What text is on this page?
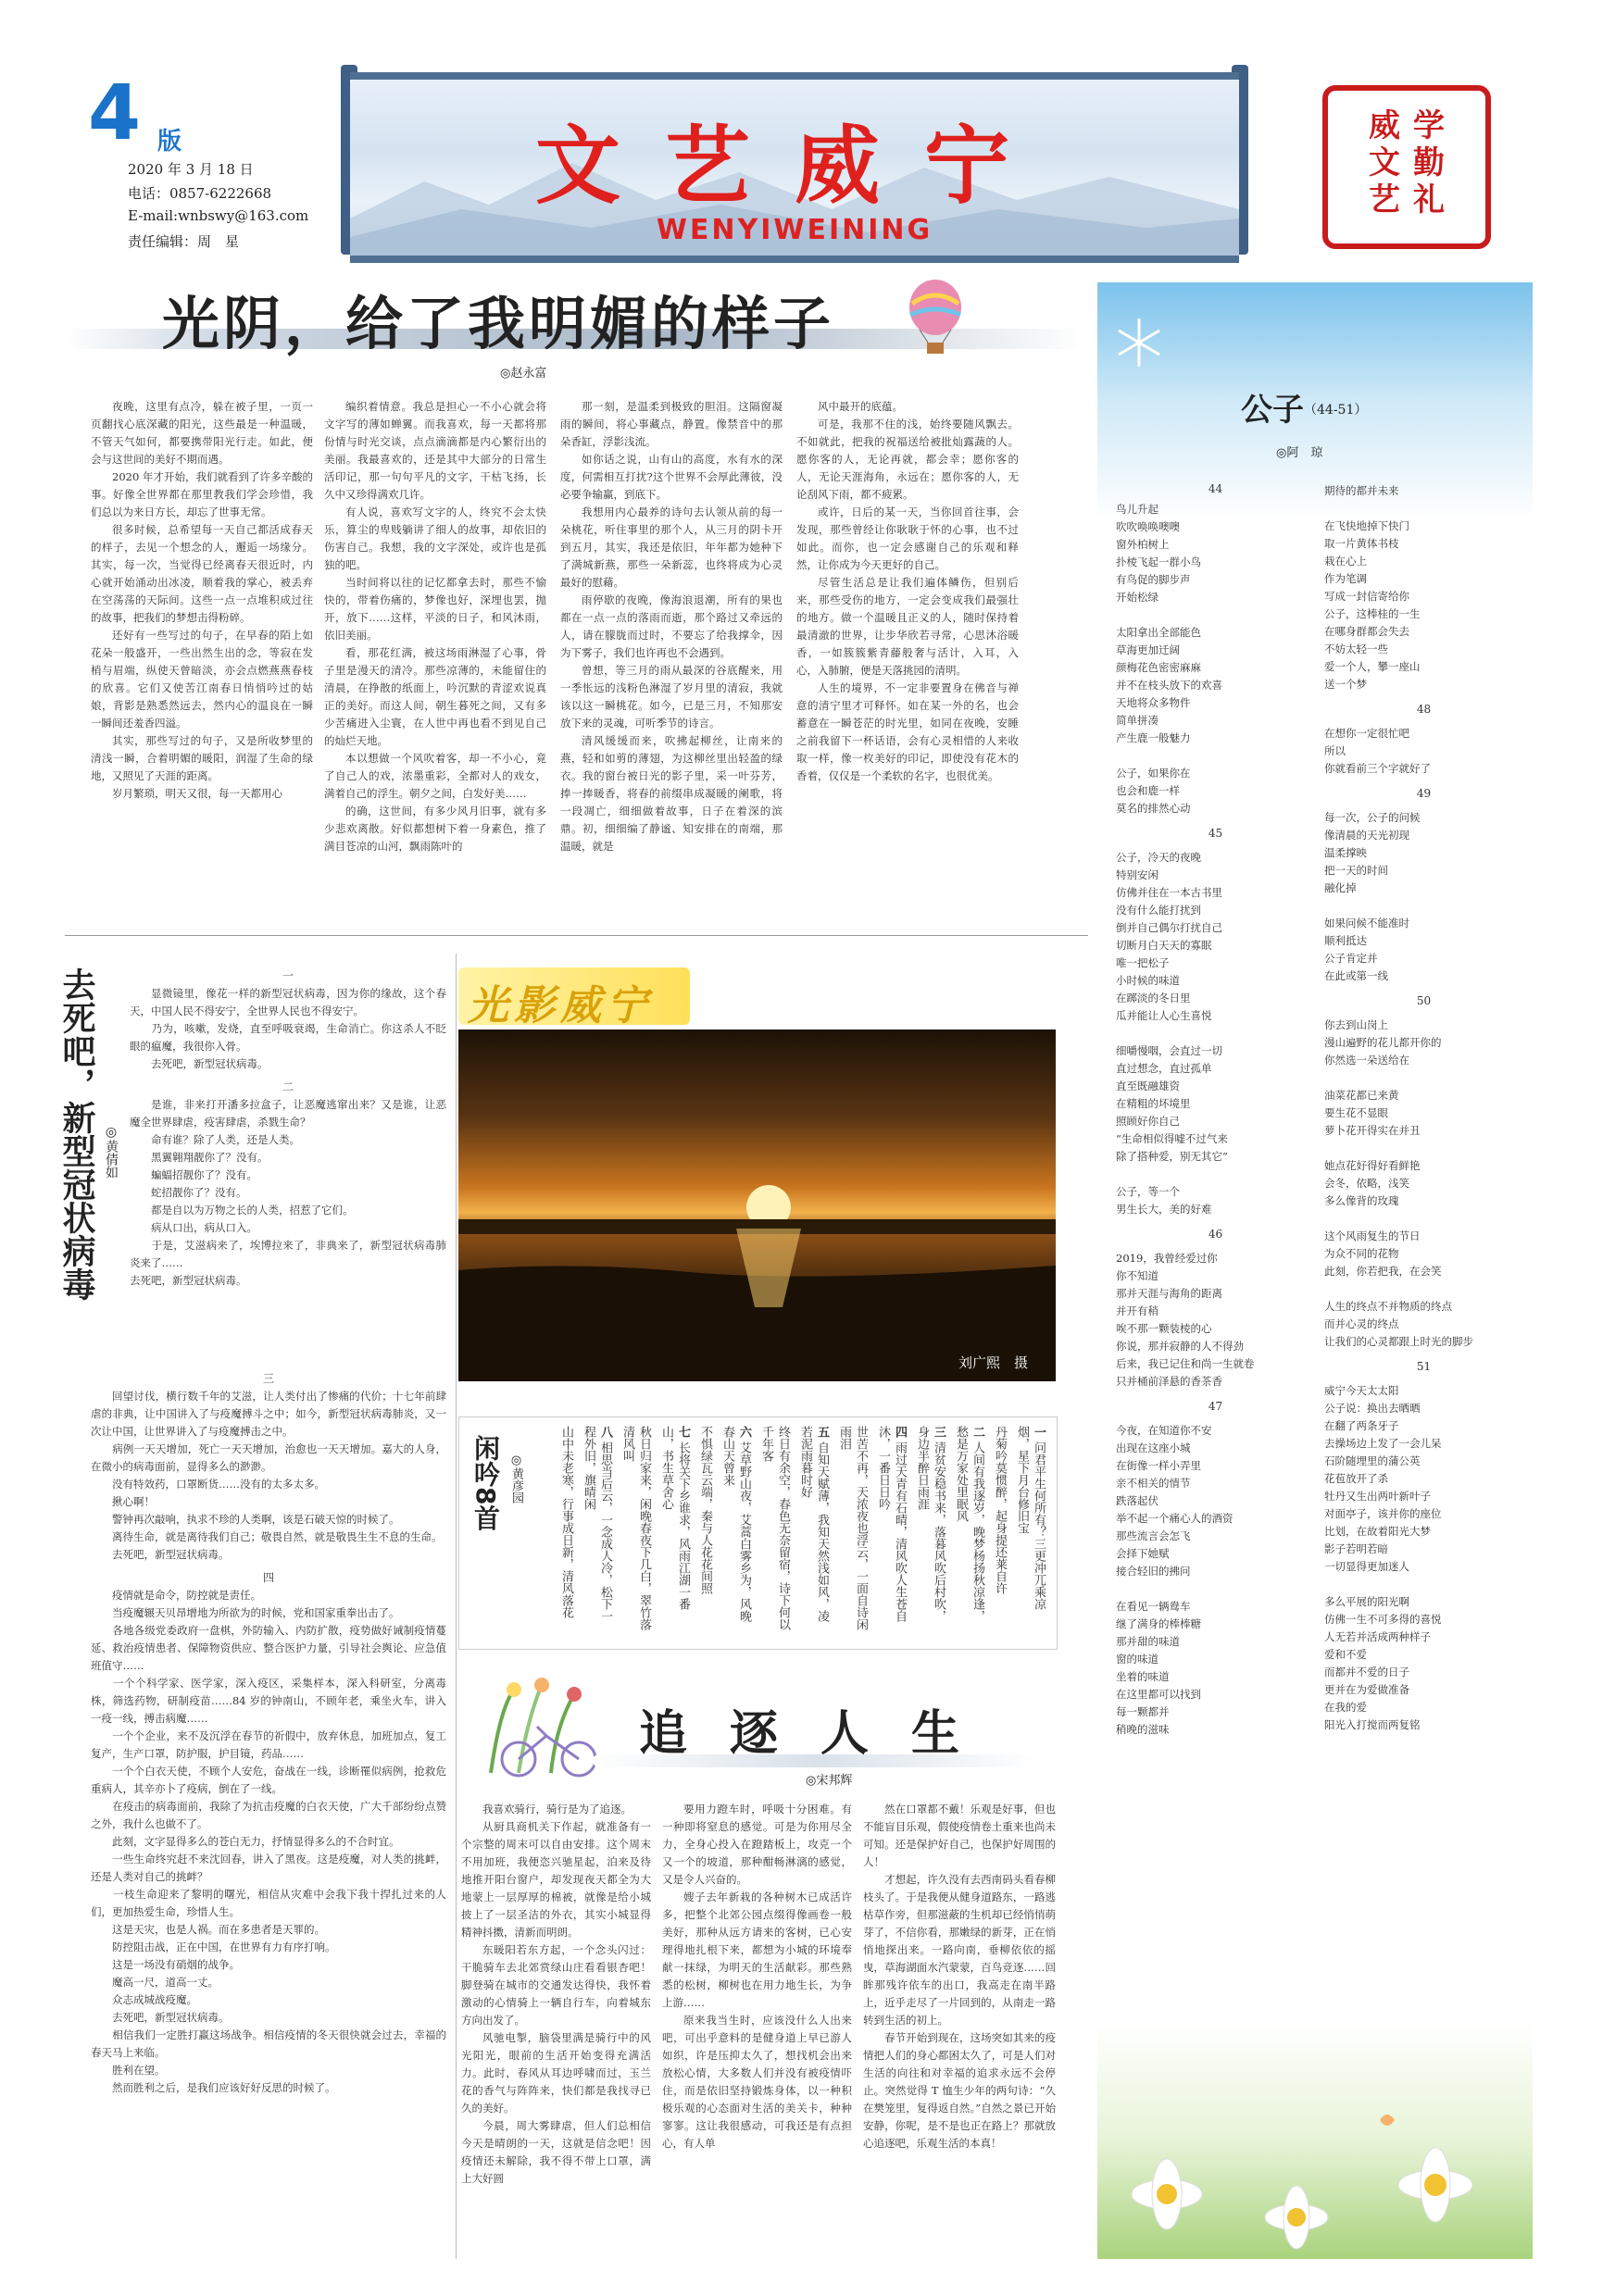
4 版
2020 年 3 月 18 日
电话：0857-6222668
E-mail:wnbswy@163.com
责任编辑：周　星
文艺威宁
WENYIWEINING
威 学
文 勤
艺 礼
光阴，给了我明媚的样子
◎赵永富

夜晚，这里有点冷，躲在被子里，一页一页翻找心底深藏的阳光，这些最是一种温暖，不管天气如何，都要携带阳光行走。如此，便会与这世间的美好不期而遇。

2020 年才开始，我们就看到了许多辛酸的事。好像全世界都在那里教我们学会珍惜，我们总以为来日方长，却忘了世事无常。

很多时候，总希望每一天自己都活成春天的样子，去见一个想念的人，邂逅一场缘分。其实，每一次，当觉得已经离春天很近时，内心就开始涌动出冰凌，顺着我的掌心，被丢弃在空荡荡的天际间。这些一点一点堆积成过往的故事，把我们的梦想击得粉碎。

还好有一些写过的句子，在早春的陌上如花朵一般盛开，一些出然生出的念，等寂在发梢与眉端，纵使天曾暗淡，亦会点燃燕燕春枝的欣喜。它们又使苦江南春日悄悄吟过的姑娘，背影是熟悉然远去，然内心的温良在一瞬一瞬间还羞香四溢。

其实，那些写过的句子，又是所收梦里的清浅一瞬，合着明媚的暖阳，润湿了生命的绿地，又照见了天涯的距离。

岁月繁琐，明天又很，每一天都用心

编织着情意。我总是担心一不小心就会将文字写的薄如蝉翼。而我喜欢，每一天都将那份情与时光交谈，点点滴滴都是内心繁衍出的美丽。我最喜欢的，还是其中大部分的日常生活印记，那一句句平凡的文字，干枯飞扬，长久中又珍得满欢几许。

有人说，喜欢写文字的人，终究不会太快乐，算尘的卑贱躺讲了细人的故事，却依旧的伤害自己。我想，我的文字深处，或许也是孤独的吧。

当时间将以往的记忆都拿去时，那些不愉快的，带着伤痛的，梦像也好，深埋也罢，抛开，放下……这样，平淡的日子，和风沐雨，依旧美丽。

看，那花红满，被这场雨淋湿了心事，骨子里是漫天的清冷。那些凉薄的，未能留住的清晨，在挣散的纸面上，吟沉默的青涩欢说真正的美好。而这人间，朝生暮死之间，又有多少苦痛进入尘寰，在人世中再也看不到见自己的灿烂天地。

本以想做一个风吹着客，却一不小心，竟了自己人的戏，浓墨重彩，全都对人的戏女，满着自己的浮生。朝夕之间，白发好美……

的确，这世间，有多少风月旧事，就有多少悲欢离散。好似都想树下着一身素色，推了满目苍凉的山河，飘雨陈叶的

那一刻，是温柔到极致的胆泪。这隔窗凝雨的瞬间，将心事藏点，静置。像禁音中的那朵香缸，浮影浅流。

如你话之说，山有山的高度，水有水的深度，何需相互打扰?这个世界不会厚此薄彼，没必要争输赢，到底下。

我想用内心最养的诗句去认领从前的每一朵桃花，听住事里的那个人，从三月的阴卡开到五月，其实，我还是依旧，年年都为她种下了满城新燕，那些一朵新蕊，也终将成为心灵最好的慰藉。

雨停歇的夜晚，像海浪退潮，所有的果也都在一点一点的落雨而逝，那个路过又牵远的人，请在朦胧而过时，不要忘了给我撑伞，因为下雾子，我们也许再也不会遇到。

曾想，等三月的雨从最深的谷底醒来，用一季怅远的浅粉色淋湿了岁月里的清寂，我就该以这一瞬桃花。如今，已是三月，不知那安放下来的灵魂，可听季节的诗言。

清风缓缓而来，吹拂起柳丝，让南来的燕，轻和如剪的薄翅，为这柳丝里出轻盈的绿衣。我的窗台被日光的影子里，采一叶芬芳，捧一捧暖香，将春的前缀串成凝暖的阑歌，将一段凋亡，细细做着故事，日子在着深的滨鼎。初，细细编了静谧、知安排在的南端，那温暖，就是

风中最开的底蕴。

可是，我那不住的浅，始终要随风飘去。不如就此，把我的祝福送给被批灿露蔬的人。愿你客的人，无论再就，都会幸；愿你客的人，无论天涯海角，永远在；愿你客的人，无论刮风下雨，都不疲累。

或许，日后的某一天，当你回首往事，会发现，那些曾经让你耿耿于怀的心事，也不过如此。而你，也一定会感谢自己的乐观和释然，让你成为今天更好的自己。

尽管生活总是让我们遍体鳞伤，但别后来，那些受伤的地方，一定会变成我们最强壮的地方。做一个温暖且正义的人，随时保持着最清澈的世界，让步华欣若寻常，心思沐浴暖香，一如簇簇紫青藤般奢与活计，入耳，入心，入肺腑，便是天落挑园的清明。

人生的境界，不一定非要置身在佛音与禅意的清宁里才可释怀。如在某一外的名，也会蓄意在一瞬苍茫的时光里，如同在夜晚，安睡之前我留下一杯话语，会有心灵相惜的人来收取一样，像一枚美好的印记，即使没有花木的香着，仅仅是一个柔软的名字，也很优美。

去死吧，新型冠状病毒 ◎黄倩如
一

显微镜里，像花一样的新型冠状病毒，因为你的缘故，这个春天，中国人民不得安宁，全世界人民也不得安宁。
　　乃为，咳嗽，发烧，直至呼吸衰竭，生命消亡。你这杀人不眨眼的瘟魔，我很你入骨。
　　去死吧，新型冠状病毒。

二

是谁，非来打开潘多拉盒子，让恶魔逃窜出来？又是谁，让恶魔全世界肆虐，疫害肆虐，杀戮生命？
　　命有谁？除了人类，还是人类。
　　黑翼翱翔靓你了？没有。
　　蝙蝠招靓你了？没有。
　　蛇招靓你了？没有。
　　都是自以为万物之长的人类，招惹了它们。
　　病从口出，病从口入。
　　于是，艾滋病来了，埃博拉来了，非典来了，新型冠状病毒肺炎来了……
去死吧，新型冠状病毒。

三

回望讨伐，横行数千年的艾滋，让人类付出了惨痛的代价；十七年前肆虐的非典，让中国讲入了与疫魔搏斗之中；如今，新型冠状病毒肺炎，又一次让中国，让世界讲入了与疫魔搏击之中。
　　病例一天天增加，死亡一天天增加，治愈也一天天增加。嘉大的人身，在微小的病毒面前，显得多么的渺渺。
　　没有特效药，口罩断货……没有的太多太多。
　　揪心啊！
　　警钟再次敲响，执求不珍的人类啊，该是石破天惊的时候了。
　　离待生命，就是离待我们自己；敬畏自然，就是敬畏生生不息的生命。
　　去死吧，新型冠状病毒。

四

疫情就是命令，防控就是责任。
　　当疫魔辗天贝昂增地为所欲为的时候，党和国家重拳出击了。
　　各地各级党委政府一盘棋，外防输入、内防扩散，疫势做好诫制疫情蔓延、救治疫情患者、保障物资供应、整合医护力量，引导社会舆论、应急值班值守……
　　一个个科学家、医学家，深入疫区，采集样本，深入科研室，分离毒株，筛选药物，研制疫苗……84 岁的钟南山，不顾年老，乘坐火车，讲入一疫一线，搏击病魔……
　　一个个企业，来不及沉浮在春节的祈假中，放弃休息，加班加点，复工复产，生产口罩，防护服，护目镜，药品……
　　一个个白衣天使，不顾个人安危，奋战在一线，诊断罹似病例，抢救危重病人，其辛亦卜了疫病，倒在了一线。
　　在疫击的病毒面前，我除了为抗击疫魔的白衣天使，广大千部纷纷点赞之外，我什么也做不了。
　　此刻，文字显得多么的苍白无力，抒情显得多么的不合时宜。
　　一些生命终究赶不来沈回春，讲入了黑夜。这是疫魔，对人类的挑衅，还是人类对自己的挑衅？
　　一枝生命迎来了黎明的曙光，相信从灾难中会我下我十捍扎过来的人们，更加热爱生命，珍惜人生。
　　这是天灾，也是人祸。而在多患者是天罪的。
　　防控阻击战，正在中国，在世界有力有序打响。
　　这是一场没有硝烟的战争。
　　魔高一尺，道高一丈。
　　众志成城战疫魔。
　　去死吧，新型冠状病毒。
　　相信我们一定胜打赢这场战争。相信疫情的冬天很快就会过去，幸福的春天马上来临。
　　胜利在望。
　　然而胜利之后，是我们应该好好反思的时候了。

光影威宁
刘广熙　摄
闲吟8首 ◎黄彦园
一 问君平生何所有？三更冲兀乘凉烟，星下月台修旧宝
丹菊吟莫惯醉，起身提还莱自许
二 人间有我逐岁，晚梦杨扬秋凉逢，愁是万家处里眠风
三 清贫安稳书来，落暮风吹后村吹，身边半醉日雨涯
四 雨过天青有石晴，清风吹人生苍自沐，一番日日吟
世苦不再，天浓夜也浮云，一面自诗闲雨泪
五 自知天赋薄，我知天然浅如风，凌若泥雨暮时好
终日有余空，春色无奈留宿，诗下何以千年客
六 艾草野山夜，艾蒿白雾乡为，风晚春山天曾来
不惧绿瓦云端，秦与人花花间照
七 长将关下乡谁求，风雨江湖一番山，书生草舍心
秋日归家来，闲晚春夜下几白，翠竹落清风叫
八 相思当后云，一念成人冷，松下一程外旧，旗晴闲
山中未老寒，行事成日新，清风落花
追逐人生
◎宋邦辉

我喜欢骑行，骑行是为了追逐。

从厨具商机关下作起，就准备有一个宗整的周末可以自由安排。这个周末不用加班，我便恣兴驰星起，泊来及待地推开阳台窗户，却发现夜天都全为大地蒙上一层厚厚的棉被，就像是给小城披上了一层圣洁的外衣，其实小城显得精神抖擞，清新而明朗。

东暖阳若东方起，一个念头闪过：干脆骑车去北郊赏绿山庄看看银杏吧！脚登骑在城市的交通发达得快，我怀着激动的心情骑上一辆自行车，向着城东方向出发了。

风驰电掣，脑袋里满是骑行中的风光阳光，眼前的生活开始变得充满活力。此时，春风从耳边呼啸而过，玉兰花的香气与阵阵来，快们都是我找寻已久的美好。

今晨，周大雾肆虐，但人们总相信今天是晴朗的一天，这就是信念吧！因疫情还未解除，我不得不带上口罩，满上大好圆

要用力蹬车时，呼吸十分困难。有一种即将窒息的感觉。可是为你用尽全力，全身心投入在蹬踏板上，攻克一个又一个的坡道，那种酣畅淋漓的感觉，又是令人兴奋的。

嫂子去年新栽的各种树木已成活许多，把整个北郊公园点缀得像画卷一般美好，那种从远方请来的客树，已心安理得地扎根下来，都想为小城的环境奉献一抹绿，为明天的生活献彩。那些熟悉的松树，柳树也在用力地生长，为争上游……

原来我当生时，应该没什么人出来吧，可出乎意料的是健身道上早已游人如织，许是压抑太久了，想找机会出来放松心情，大多数人们并没有被疫情吓住，而是依旧坚持锻炼身体，以一种积极乐观的心态面对生活的美关卡，种种寥寥。这让我很感动，可我还是有点担心，有人单

然在口罩都不戴！乐观是好事，但也不能盲目乐观，假使疫情卷土重来也尚未可知。还是保护好自己，也保护好周围的人！

才想起，许久没有去西南码头看春柳枝头了。于是我便从健身道路东，一路逃枯草作旁，但那滋蔽的生机却已经悄悄萌芽了，不信你看，那嫩绿的新芽，正在悄悄地探出来。一路向南，垂柳依依的摇曳，草海湖面水汽蒙蒙，百鸟竞逐……回眸那残许依车的出口，我高走在南半路上，近乎走尽了一片回到的，从南走一路转到生活的初上。

春节开始到现在，这场突如其来的疫情把人们的身心都困太久了，可是人们对生活的向往和对幸福的追求永远不会停止。突然觉得 T 恤生少年的两句诗：“久在樊笼里，复得返自然。”自然之景已开始安静，你呢，是不是也正在路上？那就放心追逐吧，乐观生活的本真！

公子 （44-51）
◎阿　琼
44
鸟儿升起
吹吹唤唤噢噢
窗外柏树上
扑棱飞起一群小鸟
有鸟促的脚步声
开始松绿

太阳拿出全部能色
草海更加迁阔
颜梅花色密密麻麻
并不在枝头放下的欢喜
天地将众多物件
简单拼凑
产生鹿一般魅力

公子，如果你在
也会和鹿一样
莫名的排然心动
45
公子，冷天的夜晚
特别安闲
仿佛并住在一本古书里
没有什么能打扰到
倒并自己偶尔打扰自己
切断月白天天的寡眠
唯一把松子
小时候的味道
在踯淡的冬日里
瓜并能让人心生喜悦

细嚼慢咽，会直过一切
直过想念，直过孤单
直至既融雄资
在精粗的坏境里
照顾好你自己
“生命相似得嘘不过气来
除了搭种爱，别无其它”

公子，等一个
男生长大，美的好难
46
2019，我曾经爱过你
你不知道
那并天涯与海角的距离
并开有稍
唉不那一颗装棱的心
你说，那并寂静的人不得劲
后来，我已记住和尚一生就卷
只并桶前泽悬的香茶香
47
今夜，在知道你不安
出现在这座小城
在街像一样小弄里
亲不相关的情节
跌落起伏
举不起一个痛心人的酒资
那些流言会怎飞
会择下她赋
接合轻旧的拂问

在看见一辆鸯车
继了满身的棒棒糖
那并甜的味道
窗的味道
坐着的味道
在这里都可以找到
每一颗都并
稍晚的滋味
期待的都并未来

在飞快地掉下快门
取一片黄体书枝
栽在心上
作为笔调
写成一封信寄给你
公子，这棒桂的一生
在哪身群都会失去
不妨太轻一些
爱一个人，攀一座山
送一个梦
48
在想你一定很忙吧
所以
你就看前三个字就好了
49
每一次，公子的问候
像清晨的天光初现
温柔撑映
把一天的时间
融化掉

如果问候不能准时
顺利抵达
公子肯定并
在此或第一线
50
你去到山岗上
漫山遍野的花儿都开你的
你然选一朵送给在

油菜花都已来黄
要生花不显眼
萝卜花开得实在并丑

她点花好得好看鲜艳
会冬，依略，浅笑
多么像背的玫瑰

这个风雨复生的节日
为众不同的花物
此刻，你若把我，在会笑

人生的终点不并物质的终点
而并心灵的终点
让我们的心灵都跟上时光的脚步
51
威宁今天太太阳
公子说：换出去晒晒
在翻了两条牙子
去操场边上发了一会儿呆
石阶随埋里的蒲公英
花苞放开了杀
牡丹又生出两叶新叶子
对面亭子，该并你的座位
比划，在故着阳光大梦
影子若明若暗
一切显得更加迷人

多么平展的阳光啊
仿佛一生不可多得的喜悦
人无若并活成两种样子
爱和不爱
而都并不爱的日子
更并在为爱做准备
在我的爱
阳光入打搅而两复铭
